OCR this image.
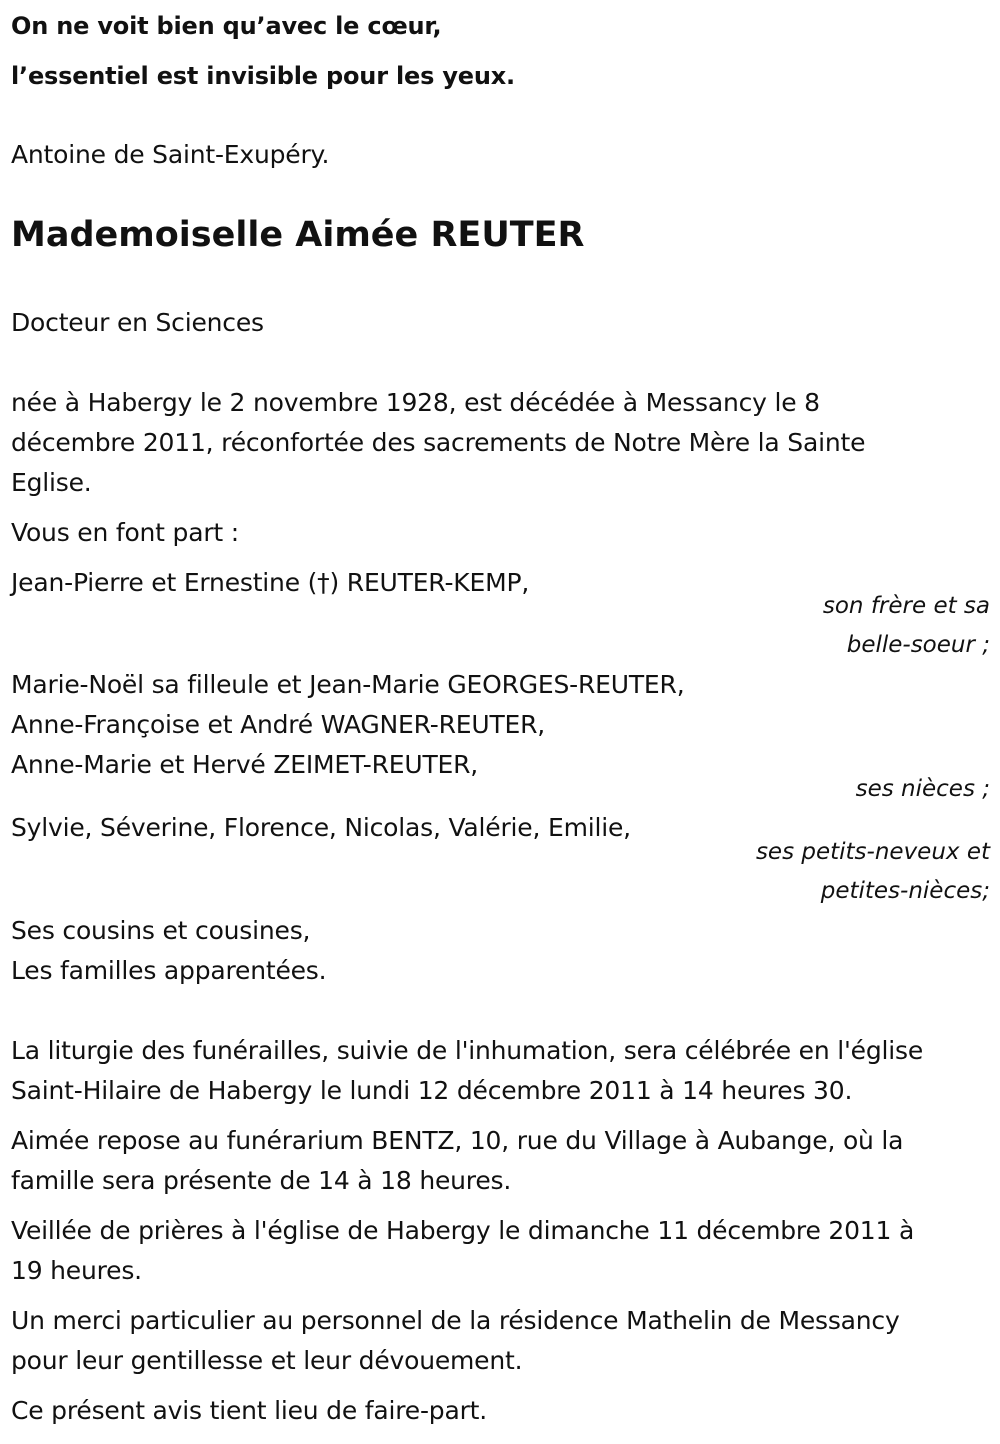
On ne voit bien qu’avec le cœur,
l’essentiel est invisible pour les yeux.
Antoine de Saint-Exupéry.
Mademoiselle Aimée REUTER
Docteur en Sciences
née à Habergy le 2 novembre 1928, est décédée à Messancy le 8
décembre 2011, réconfortée des sacrements de Notre Mère la Sainte
Eglise.
Vous en font part :
Jean-Pierre et Ernestine (†) REUTER-KEMP,
son frère et sa
belle-soeur ;
Marie-Noël sa filleule et Jean-Marie GEORGES-REUTER,
Anne-Françoise et André WAGNER-REUTER,
Anne-Marie et Hervé ZEIMET-REUTER,
ses nièces ;
Sylvie, Séverine, Florence, Nicolas, Valérie, Emilie,
ses petits-neveux et
petites-nièces;
Ses cousins et cousines,
Les familles apparentées.
La liturgie des funérailles, suivie de l'inhumation, sera célébrée en l'église
Saint-Hilaire de Habergy le lundi 12 décembre 2011 à 14 heures 30.
Aimée repose au funérarium BENTZ, 10, rue du Village à Aubange, où la
famille sera présente de 14 à 18 heures.
Veillée de prières à l'église de Habergy le dimanche 11 décembre 2011 à
19 heures.
Un merci particulier au personnel de la résidence Mathelin de Messancy
pour leur gentillesse et leur dévouement.
Ce présent avis tient lieu de faire-part.
